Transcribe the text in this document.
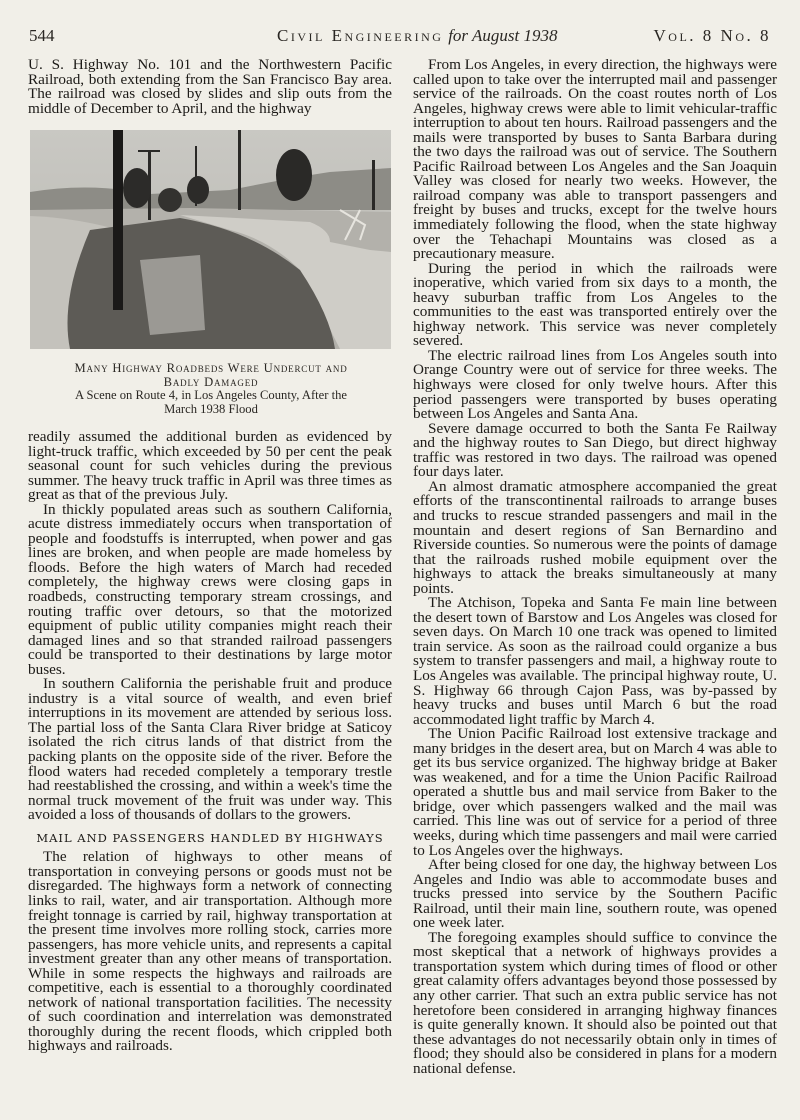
544	Civil Engineering for August 1938	Vol. 8 No. 8

U. S. Highway No. 101 and the Northwestern Pacific Railroad, both extending from the San Francisco Bay area. The railroad was closed by slides and slip outs from the middle of December to April, and the highway

readily assumed the additional burden as evidenced by light-truck traffic, which exceeded by 50 per cent the peak seasonal count for such vehicles during the previous summer. The heavy truck traffic in April was three times as great as that of the previous July.

In thickly populated areas such as southern California, acute distress immediately occurs when transportation of people and foodstuffs is interrupted, when power and gas lines are broken, and when people are made homeless by floods. Before the high waters of March had receded completely, the highway crews were closing gaps in roadbeds, constructing temporary stream crossings, and routing traffic over detours, so that the motorized equipment of public utility companies might reach their damaged lines and so that stranded railroad passengers could be transported to their destinations by large motor buses.

In southern California the perishable fruit and produce industry is a vital source of wealth, and even brief interruptions in its movement are attended by serious loss. The partial loss of the Santa Clara River bridge at Saticoy isolated the rich citrus lands of that district from the packing plants on the opposite side of the river. Before the flood waters had receded completely a temporary trestle had reestablished the crossing, and within a week's time the normal truck movement of the fruit was under way. This avoided a loss of thousands of dollars to the growers.

MAIL AND PASSENGERS HANDLED BY HIGHWAYS

The relation of highways to other means of transportation in conveying persons or goods must not be disregarded. The highways form a network of connecting links to rail, water, and air transportation. Although more freight tonnage is carried by rail, highway transportation at the present time involves more rolling stock, carries more passengers, has more vehicle units, and represents a capital investment greater than any other means of transportation. While in some respects the highways and railroads are competitive, each is essential to a thoroughly coordinated network of national transportation facilities. The necessity of such coordination and interrelation was demonstrated thoroughly during the recent floods, which crippled both highways and railroads.

Many Highway Roadbeds Were Undercut and
Badly Damaged
A Scene on Route 4, in Los Angeles County, After the
March 1938 Flood

From Los Angeles, in every direction, the highways were called upon to take over the interrupted mail and passenger service of the railroads. On the coast routes north of Los Angeles, highway crews were able to limit vehicular-traffic interruption to about ten hours. Railroad passengers and the mails were transported by buses to Santa Barbara during the two days the railroad was out of service. The Southern Pacific Railroad between Los Angeles and the San Joaquin Valley was closed for nearly two weeks. However, the railroad company was able to transport passengers and freight by buses and trucks, except for the twelve hours immediately following the flood, when the state highway over the Tehachapi Mountains was closed as a precautionary measure.

During the period in which the railroads were inoperative, which varied from six days to a month, the heavy suburban traffic from Los Angeles to the communities to the east was transported entirely over the highway network. This service was never completely severed.

The electric railroad lines from Los Angeles south into Orange Country were out of service for three weeks. The highways were closed for only twelve hours. After this period passengers were transported by buses operating between Los Angeles and Santa Ana.

Severe damage occurred to both the Santa Fe Railway and the highway routes to San Diego, but direct highway traffic was restored in two days. The railroad was opened four days later.

An almost dramatic atmosphere accompanied the great efforts of the transcontinental railroads to arrange buses and trucks to rescue stranded passengers and mail in the mountain and desert regions of San Bernardino and Riverside counties. So numerous were the points of damage that the railroads rushed mobile equipment over the highways to attack the breaks simultaneously at many points.

The Atchison, Topeka and Santa Fe main line between the desert town of Barstow and Los Angeles was closed for seven days. On March 10 one track was opened to limited train service. As soon as the railroad could organize a bus system to transfer passengers and mail, a highway route to Los Angeles was available. The principal highway route, U. S. Highway 66 through Cajon Pass, was by-passed by heavy trucks and buses until March 6 but the road accommodated light traffic by March 4.

The Union Pacific Railroad lost extensive trackage and many bridges in the desert area, but on March 4 was able to get its bus service organized. The highway bridge at Baker was weakened, and for a time the Union Pacific Railroad operated a shuttle bus and mail service from Baker to the bridge, over which passengers walked and the mail was carried. This line was out of service for a period of three weeks, during which time passengers and mail were carried to Los Angeles over the highways.

After being closed for one day, the highway between Los Angeles and Indio was able to accommodate buses and trucks pressed into service by the Southern Pacific Railroad, until their main line, southern route, was opened one week later.

The foregoing examples should suffice to convince the most skeptical that a network of highways provides a transportation system which during times of flood or other great calamity offers advantages beyond those possessed by any other carrier. That such an extra public service has not heretofore been considered in arranging highway finances is quite generally known. It should also be pointed out that these advantages do not necessarily obtain only in times of flood; they should also be considered in plans for a modern national defense.
